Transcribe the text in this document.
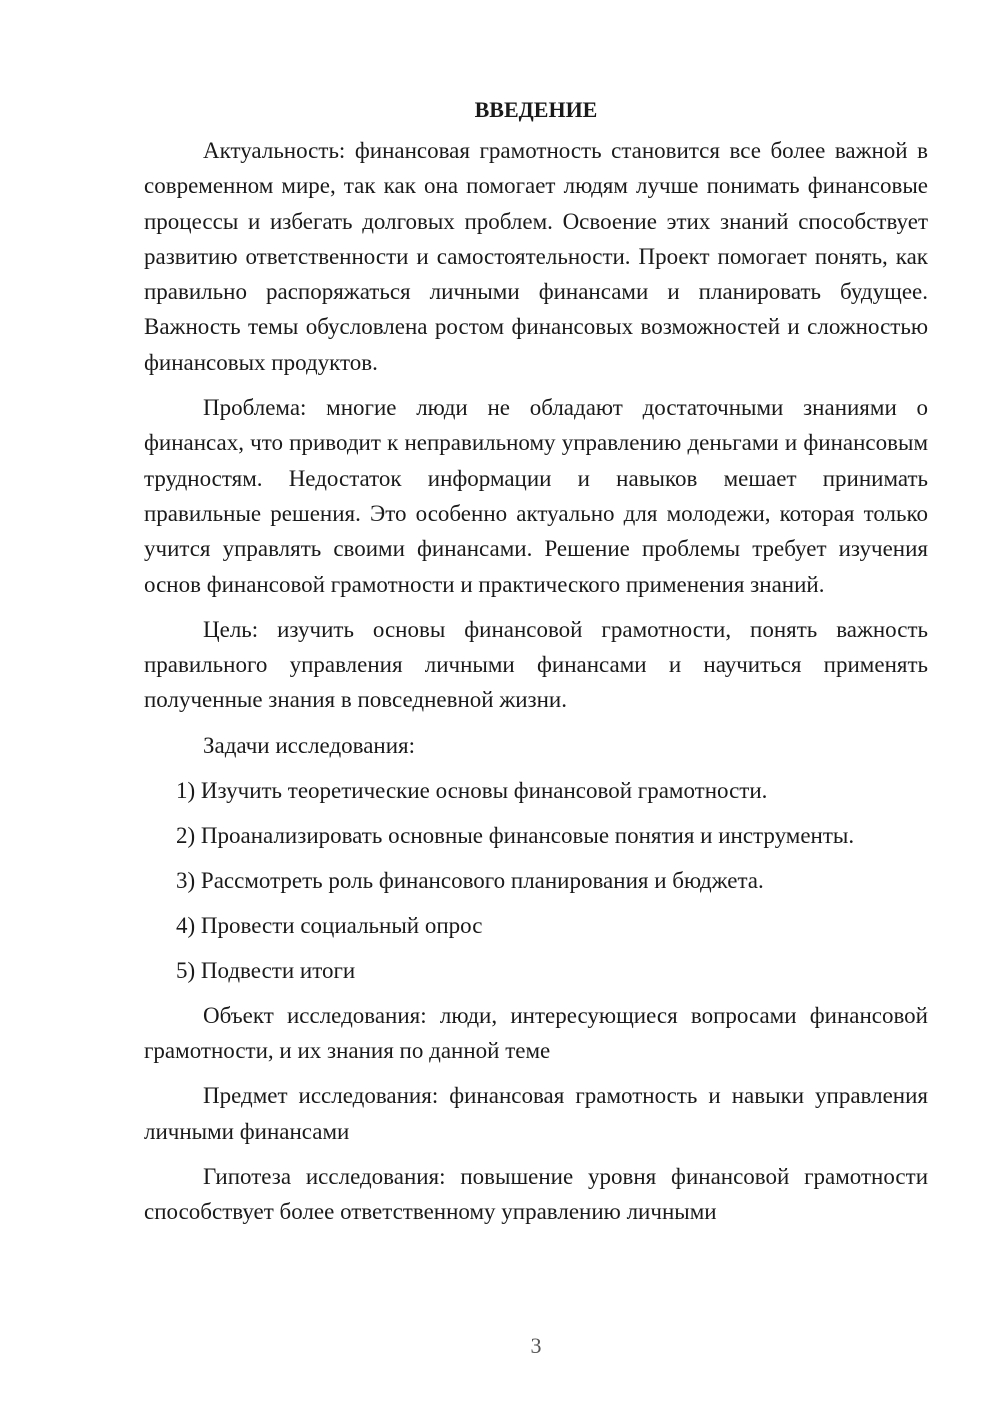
ВВЕДЕНИЕ

Актуальность: финансовая грамотность становится все более важной в современном мире, так как она помогает людям лучше понимать финансовые процессы и избегать долговых проблем. Освоение этих знаний способствует развитию ответственности и самостоятельности. Проект помогает понять, как правильно распоряжаться личными финансами и планировать будущее. Важность темы обусловлена ростом финансовых возможностей и сложностью финансовых продуктов.

Проблема: многие люди не обладают достаточными знаниями о финансах, что приводит к неправильному управлению деньгами и финансовым трудностям. Недостаток информации и навыков мешает принимать правильные решения. Это особенно актуально для молодежи, которая только учится управлять своими финансами. Решение проблемы требует изучения основ финансовой грамотности и практического применения знаний.

Цель: изучить основы финансовой грамотности, понять важность правильного управления личными финансами и научиться применять полученные знания в повседневной жизни.

Задачи исследования:
1) Изучить теоретические основы финансовой грамотности.
2) Проанализировать основные финансовые понятия и инструменты.
3) Рассмотреть роль финансового планирования и бюджета.
4) Провести социальный опрос
5) Подвести итоги

Объект исследования: люди, интересующиеся вопросами финансовой грамотности, и их знания по данной теме

Предмет исследования: финансовая грамотность и навыки управления личными финансами

Гипотеза исследования: повышение уровня финансовой грамотности способствует более ответственному управлению личными

3
